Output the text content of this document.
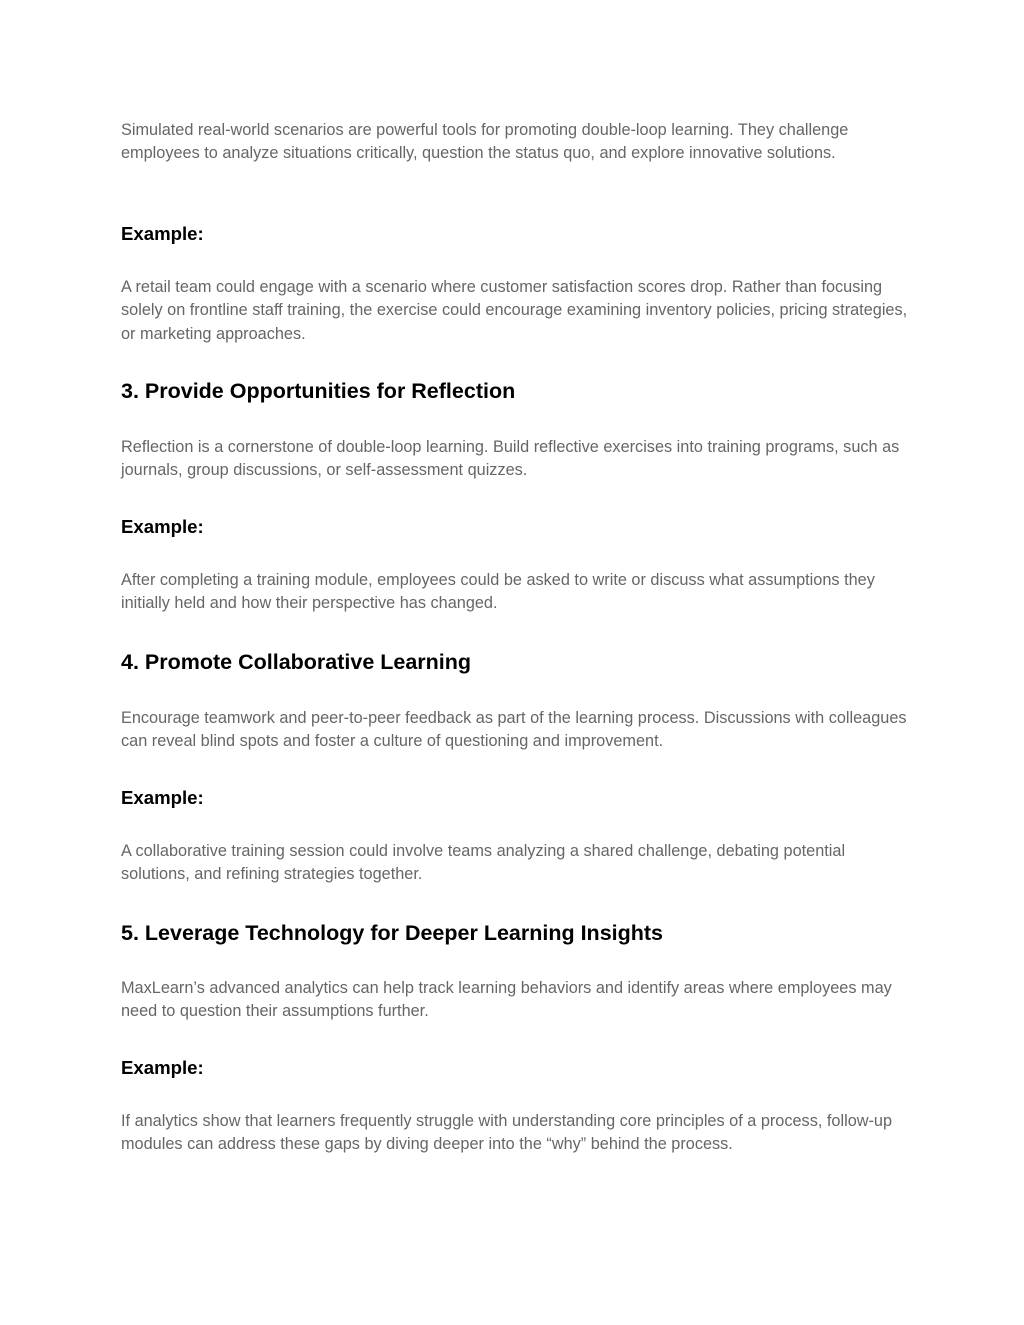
Simulated real-world scenarios are powerful tools for promoting double-loop learning. They challenge employees to analyze situations critically, question the status quo, and explore innovative solutions.

Example:

A retail team could engage with a scenario where customer satisfaction scores drop. Rather than focusing solely on frontline staff training, the exercise could encourage examining inventory policies, pricing strategies, or marketing approaches.

3. Provide Opportunities for Reflection

Reflection is a cornerstone of double-loop learning. Build reflective exercises into training programs, such as journals, group discussions, or self-assessment quizzes.

Example:

After completing a training module, employees could be asked to write or discuss what assumptions they initially held and how their perspective has changed.

4. Promote Collaborative Learning

Encourage teamwork and peer-to-peer feedback as part of the learning process. Discussions with colleagues can reveal blind spots and foster a culture of questioning and improvement.

Example:

A collaborative training session could involve teams analyzing a shared challenge, debating potential solutions, and refining strategies together.

5. Leverage Technology for Deeper Learning Insights

MaxLearn’s advanced analytics can help track learning behaviors and identify areas where employees may need to question their assumptions further.

Example:

If analytics show that learners frequently struggle with understanding core principles of a process, follow-up modules can address these gaps by diving deeper into the “why” behind the process.
